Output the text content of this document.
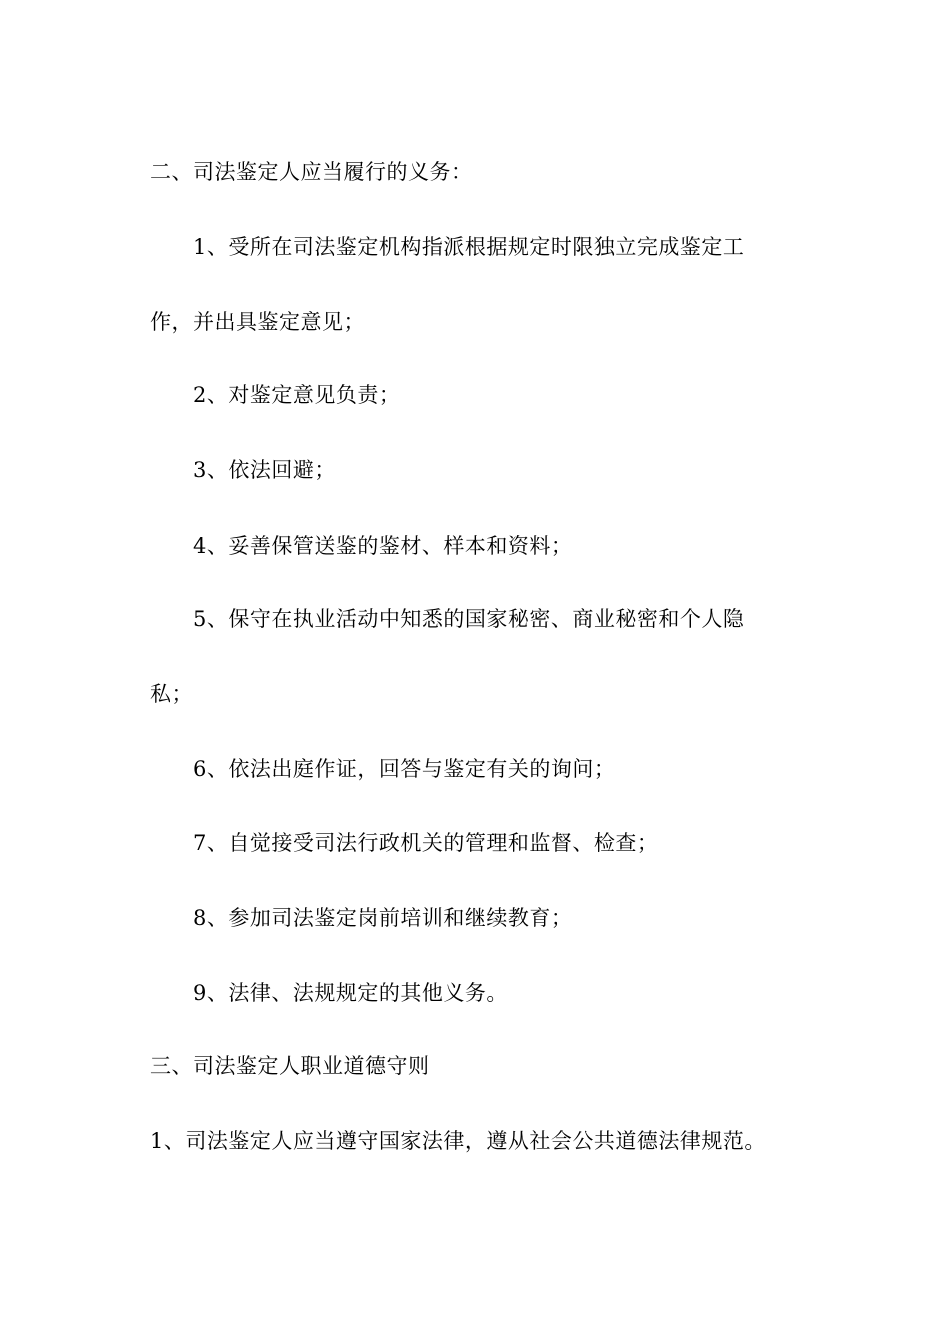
二、司法鉴定人应当履行的义务：
1、受所在司法鉴定机构指派根据规定时限独立完成鉴定工
作，并出具鉴定意见；
2、对鉴定意见负责；
3、依法回避；
4、妥善保管送鉴的鉴材、样本和资料；
5、保守在执业活动中知悉的国家秘密、商业秘密和个人隐
私；
6、依法出庭作证，回答与鉴定有关的询问；
7、自觉接受司法行政机关的管理和监督、检查；
8、参加司法鉴定岗前培训和继续教育；
9、法律、法规规定的其他义务。
三、司法鉴定人职业道德守则
1、司法鉴定人应当遵守国家法律，遵从社会公共道德法律规范。
